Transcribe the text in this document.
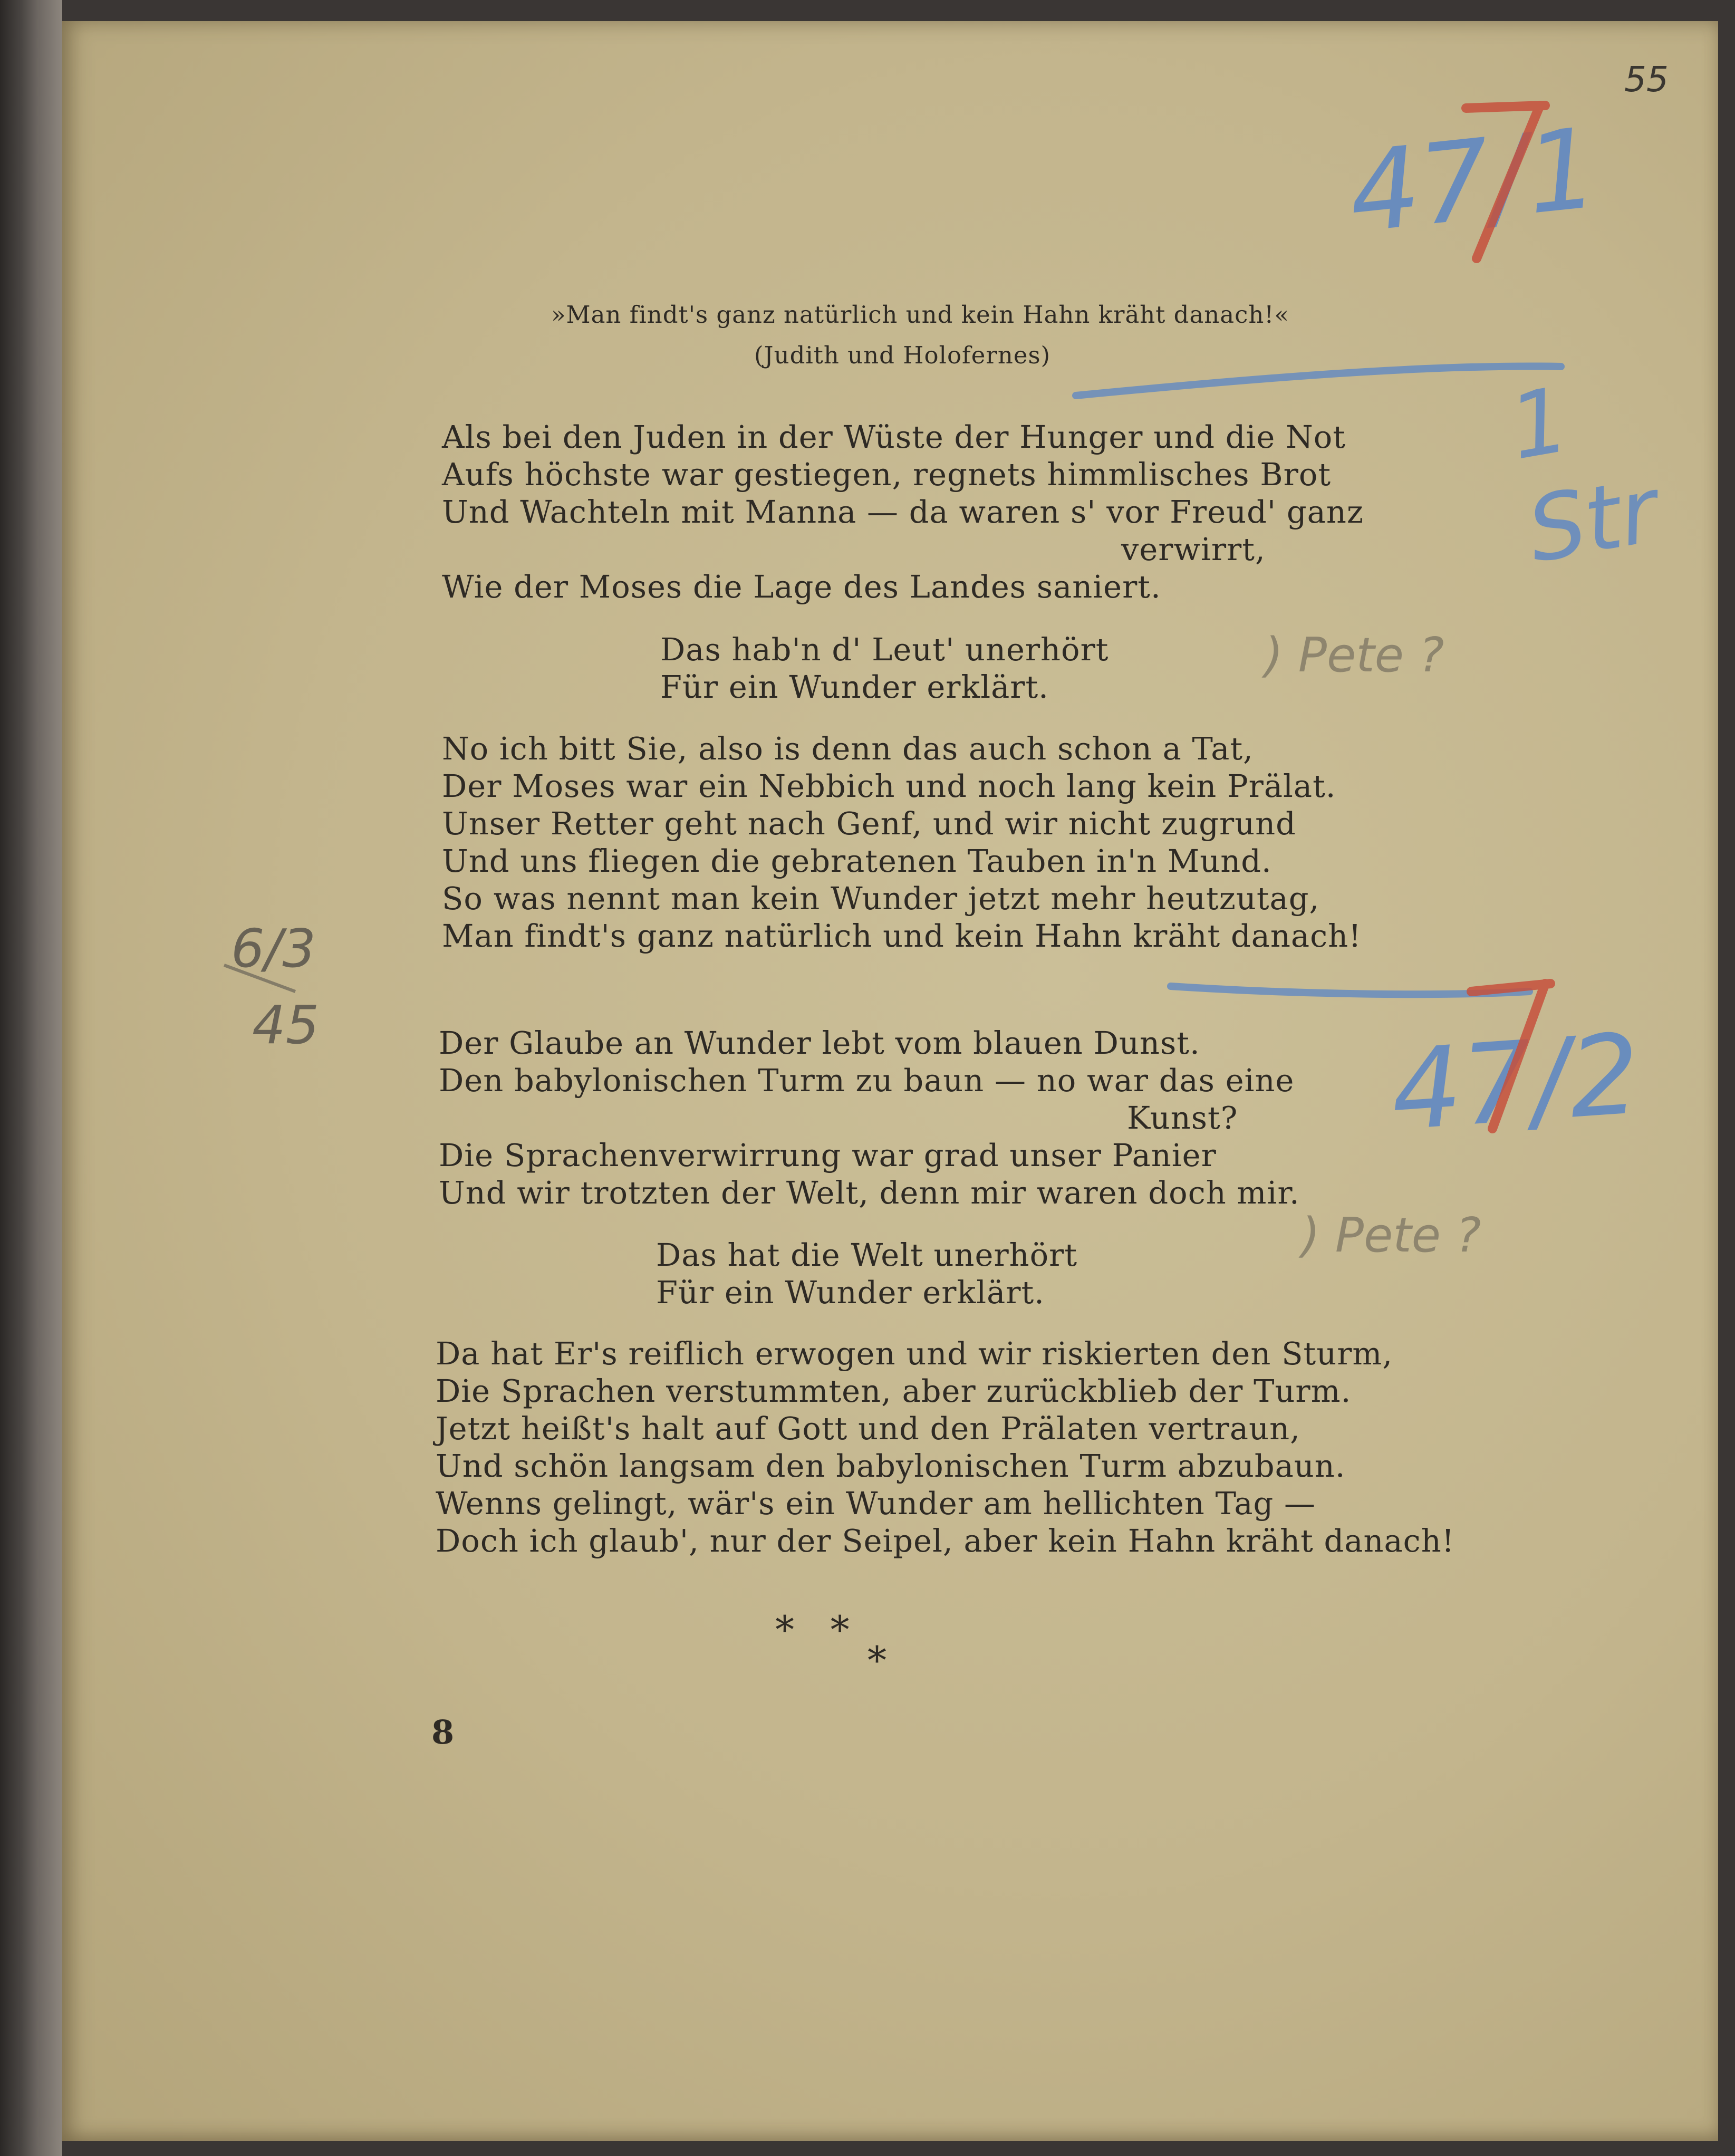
»Man findt's ganz natürlich und kein Hahn kräht danach!«
(Judith und Holofernes)
Als bei den Juden in der Wüste der Hunger und die Not
Aufs höchste war gestiegen, regnets himmlisches Brot
Und Wachteln mit Manna — da waren s' vor Freud' ganz
verwirrt,
Wie der Moses die Lage des Landes saniert.
Das hab'n d' Leut' unerhört
Für ein Wunder erklärt.
No ich bitt Sie, also is denn das auch schon a Tat,
Der Moses war ein Nebbich und noch lang kein Prälat.
Unser Retter geht nach Genf, und wir nicht zugrund
Und uns fliegen die gebratenen Tauben in'n Mund.
So was nennt man kein Wunder jetzt mehr heutzutag,
Man findt's ganz natürlich und kein Hahn kräht danach!
Der Glaube an Wunder lebt vom blauen Dunst.
Den babylonischen Turm zu baun — no war das eine
Kunst?
Die Sprachenverwirrung war grad unser Panier
Und wir trotzten der Welt, denn mir waren doch mir.
Das hat die Welt unerhört
Für ein Wunder erklärt.
Da hat Er's reiflich erwogen und wir riskierten den Sturm,
Die Sprachen verstummten, aber zurückblieb der Turm.
Jetzt heißt's halt auf Gott und den Prälaten vertraun,
Und schön langsam den babylonischen Turm abzubaun.
Wenns gelingt, wär's ein Wunder am hellichten Tag —
Doch ich glaub', nur der Seipel, aber kein Hahn kräht danach!
*   *
*
8
55
47/1
1 Str
47/2
6/3
45
) Pete ?
) Pete ?
